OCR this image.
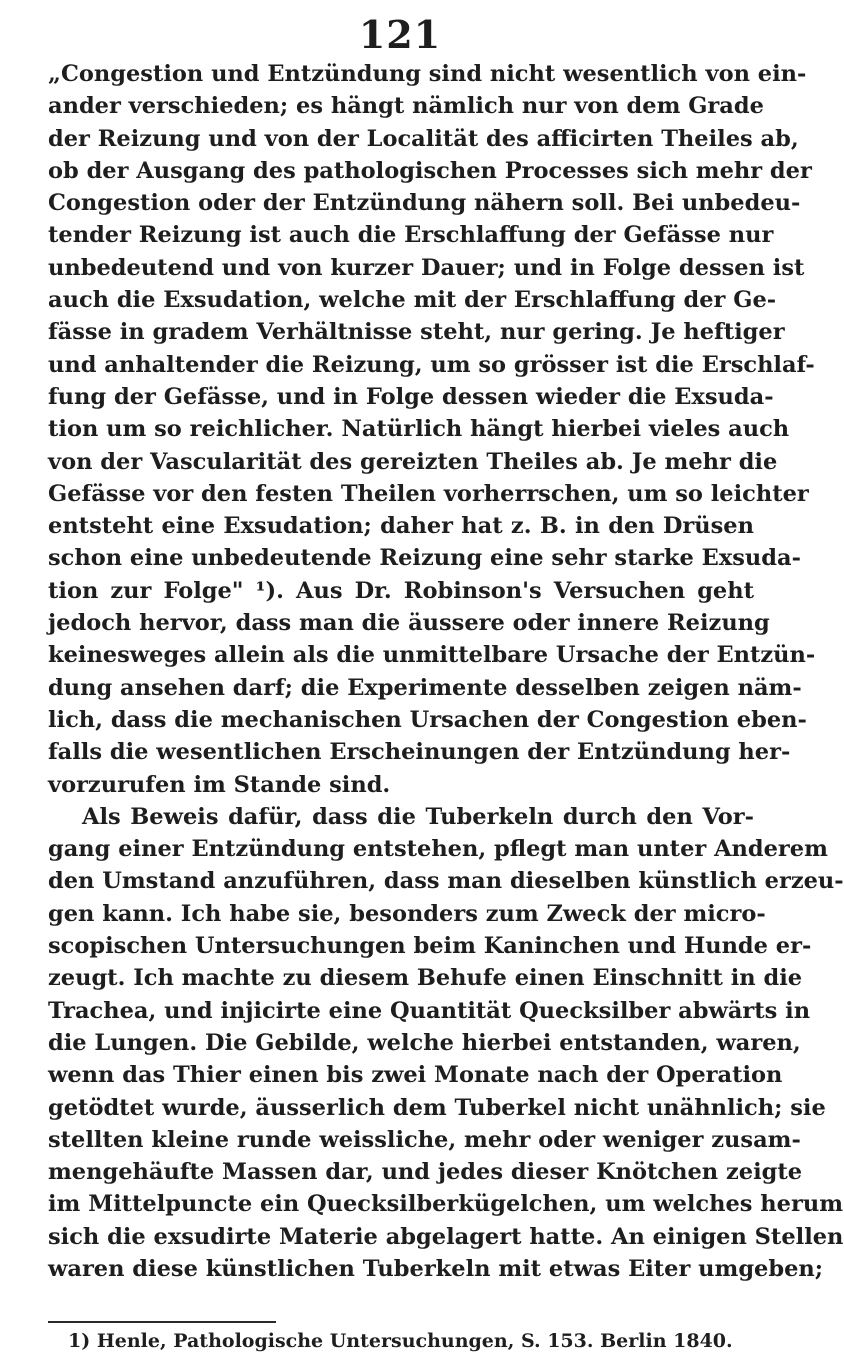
121
„Congestion und Entzündung sind nicht wesentlich von ein-
ander verschieden; es hängt nämlich nur von dem Grade
der Reizung und von der Localität des afficirten Theiles ab,
ob der Ausgang des pathologischen Processes sich mehr der
Congestion oder der Entzündung nähern soll. Bei unbedeu-
tender Reizung ist auch die Erschlaffung der Gefässe nur
unbedeutend und von kurzer Dauer; und in Folge dessen ist
auch die Exsudation, welche mit der Erschlaffung der Ge-
fässe in gradem Verhältnisse steht, nur gering. Je heftiger
und anhaltender die Reizung, um so grösser ist die Erschlaf-
fung der Gefässe, und in Folge dessen wieder die Exsuda-
tion um so reichlicher. Natürlich hängt hierbei vieles auch
von der Vascularität des gereizten Theiles ab. Je mehr die
Gefässe vor den festen Theilen vorherrschen, um so leichter
entsteht eine Exsudation; daher hat z. B. in den Drüsen
schon eine unbedeutende Reizung eine sehr starke Exsuda-
tion zur Folge" ¹). Aus Dr. Robinson's Versuchen geht
jedoch hervor, dass man die äussere oder innere Reizung
keinesweges allein als die unmittelbare Ursache der Entzün-
dung ansehen darf; die Experimente desselben zeigen näm-
lich, dass die mechanischen Ursachen der Congestion eben-
falls die wesentlichen Erscheinungen der Entzündung her-
vorzurufen im Stande sind.
Als Beweis dafür, dass die Tuberkeln durch den Vor-
gang einer Entzündung entstehen, pflegt man unter Anderem
den Umstand anzuführen, dass man dieselben künstlich erzeu-
gen kann. Ich habe sie, besonders zum Zweck der micro-
scopischen Untersuchungen beim Kaninchen und Hunde er-
zeugt. Ich machte zu diesem Behufe einen Einschnitt in die
Trachea, und injicirte eine Quantität Quecksilber abwärts in
die Lungen. Die Gebilde, welche hierbei entstanden, waren,
wenn das Thier einen bis zwei Monate nach der Operation
getödtet wurde, äusserlich dem Tuberkel nicht unähnlich; sie
stellten kleine runde weissliche, mehr oder weniger zusam-
mengehäufte Massen dar, und jedes dieser Knötchen zeigte
im Mittelpuncte ein Quecksilberkügelchen, um welches herum
sich die exsudirte Materie abgelagert hatte. An einigen Stellen
waren diese künstlichen Tuberkeln mit etwas Eiter umgeben;
1) Henle, Pathologische Untersuchungen, S. 153. Berlin 1840.
